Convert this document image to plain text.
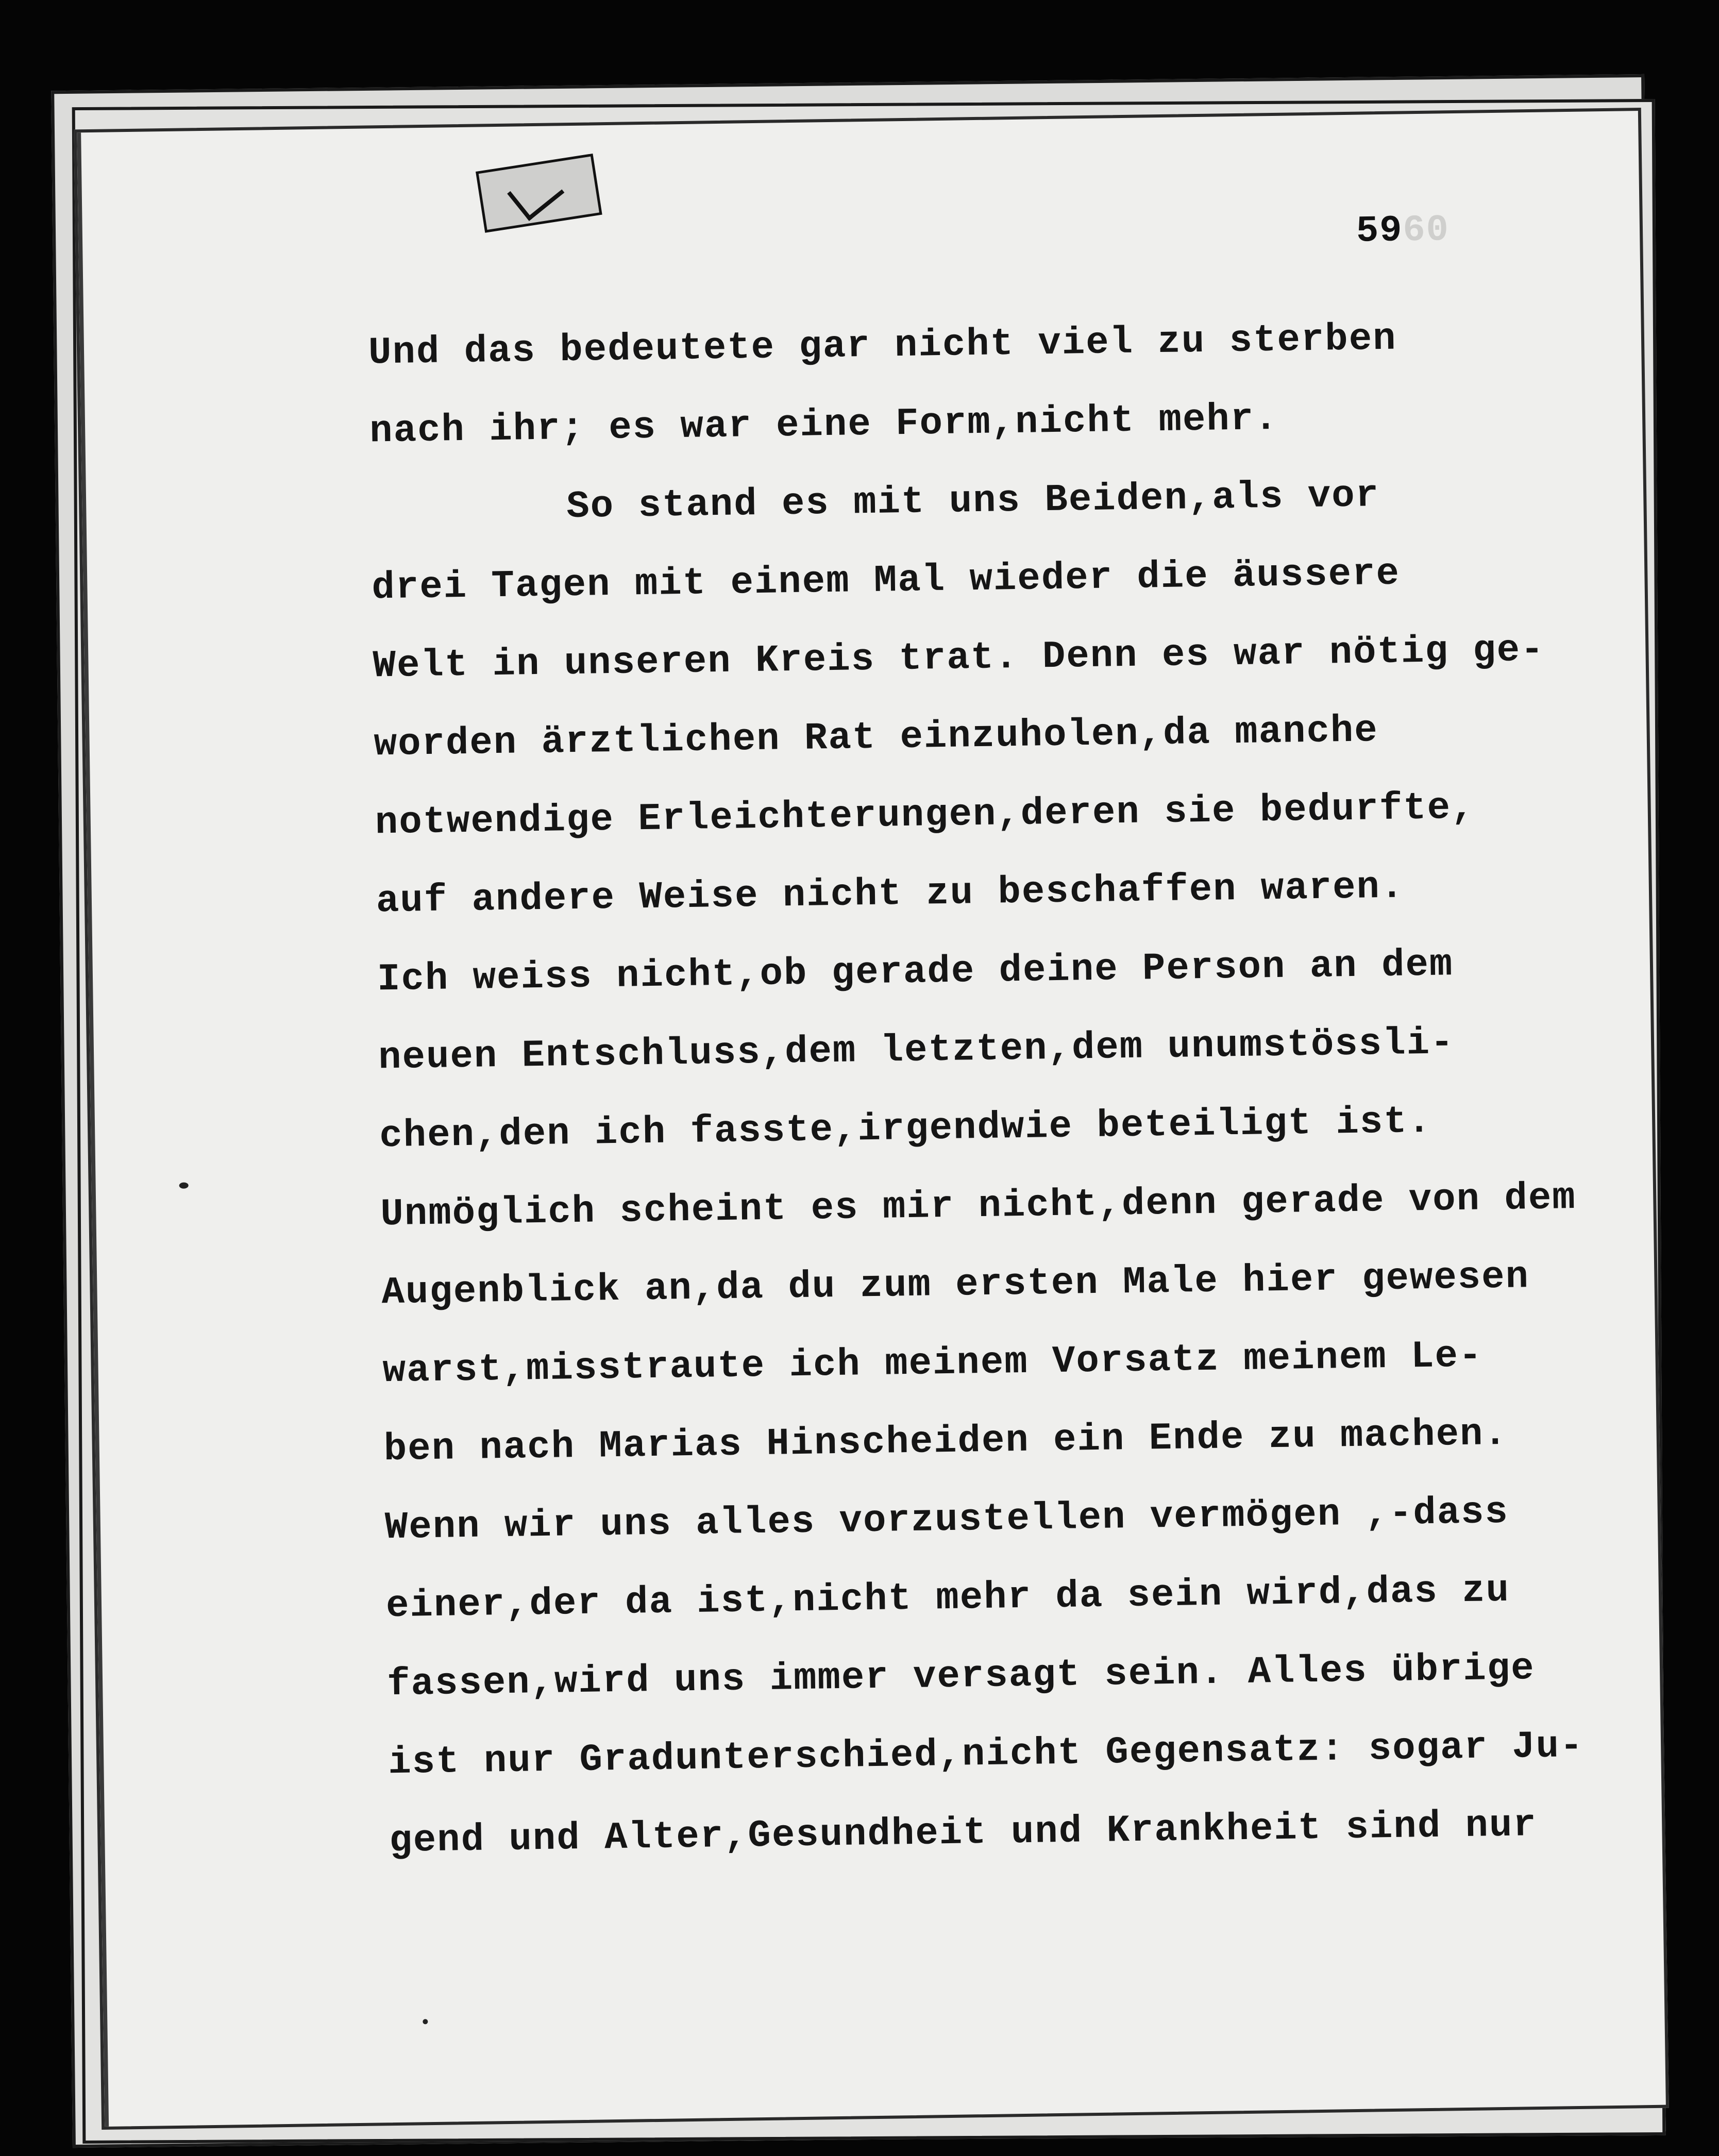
5960
Und das bedeutete gar nicht viel zu sterben
nach ihr; es war eine Form,nicht mehr.
So stand es mit uns Beiden,als vor
drei Tagen mit einem Mal wieder die äussere
Welt in unseren Kreis trat. Denn es war nötig ge-
worden ärztlichen Rat einzuholen,da manche
notwendige Erleichterungen,deren sie bedurfte,
auf andere Weise nicht zu beschaffen waren.
Ich weiss nicht,ob gerade deine Person an dem
neuen Entschluss,dem letzten,dem unumstössli-
chen,den ich fasste,irgendwie beteiligt ist.
Unmöglich scheint es mir nicht,denn gerade von dem
Augenblick an,da du zum ersten Male hier gewesen
warst,misstraute ich meinem Vorsatz meinem Le-
ben nach Marias Hinscheiden ein Ende zu machen.
Wenn wir uns alles vorzustellen vermögen ,-dass
einer,der da ist,nicht mehr da sein wird,das zu
fassen,wird uns immer versagt sein. Alles übrige
ist nur Gradunterschied,nicht Gegensatz: sogar Ju-
gend und Alter,Gesundheit und Krankheit sind nur
